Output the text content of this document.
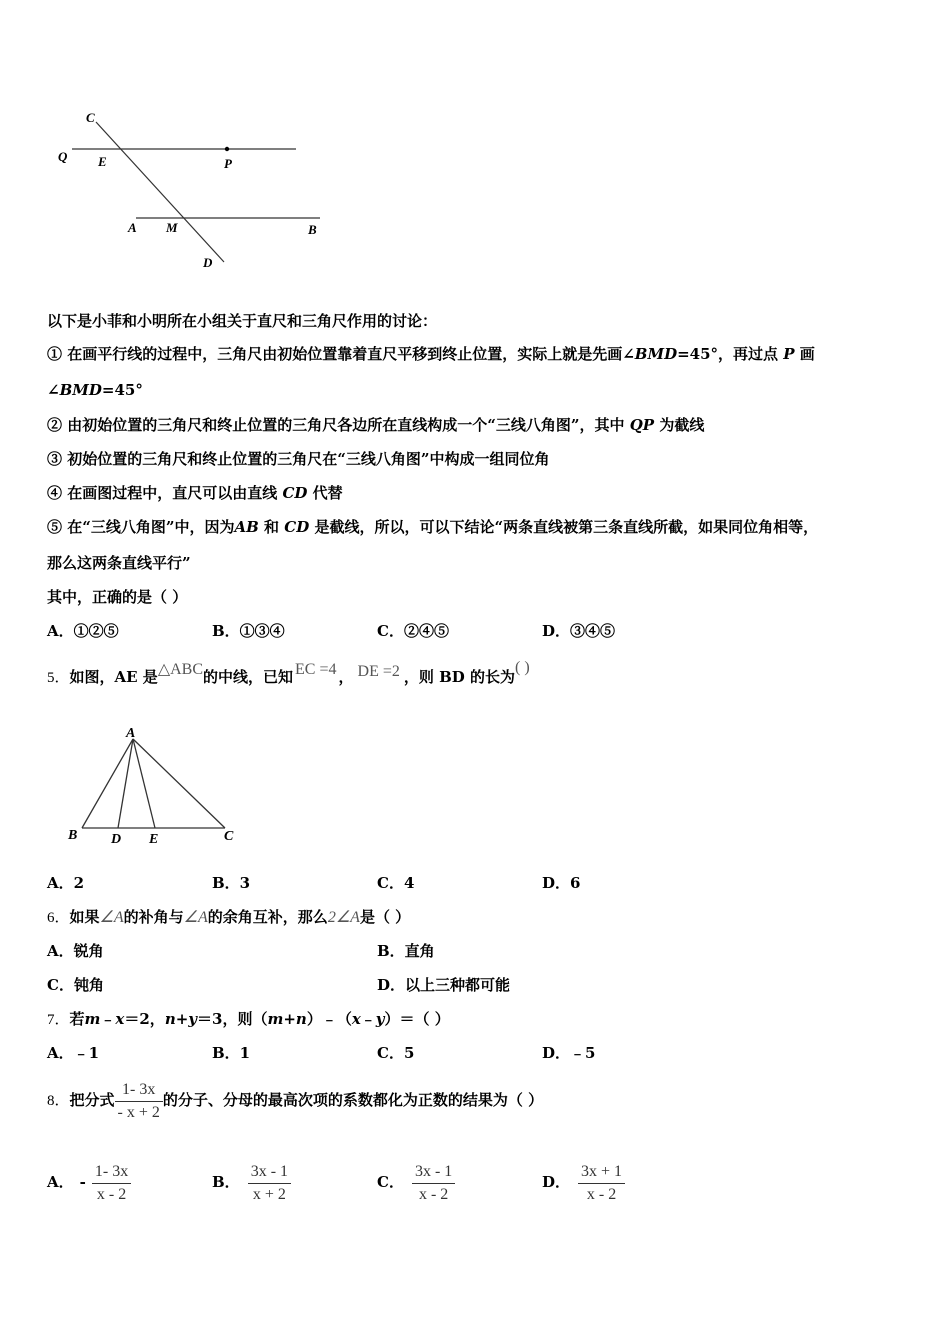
C
Q E	P
A M	B
D
以下是小菲和小明所在小组关于直尺和三角尺作用的讨论：
① 在画平行线的过程中，三角尺由初始位置靠着直尺平移到终止位置，实际上就是先画∠BMD=45°，再过点 P 画
∠BMD=45°
② 由初始位置的三角尺和终止位置的三角尺各边所在直线构成一个“三线八角图”，其中 QP 为截线
③ 初始位置的三角尺和终止位置的三角尺在“三线八角图”中构成一组同位角
④ 在画图过程中，直尺可以由直线 CD 代替
⑤ 在“三线八角图”中，因为AB 和 CD 是截线，所以，可以下结论“两条直线被第三条直线所截，如果同位角相等，
那么这两条直线平行”
其中，正确的是（ ）
A．①②⑤	B．①③④	C．②④⑤	D．③④⑤
5．如图，AE 是△ABC的中线，已知 EC =4 ， DE =2 ，则 BD 的长为( )
A
B D E	C
A．2	B．3	C．4	D．6
6．如果∠A的补角与∠A的余角互补，那么2∠A是（ ）
A．锐角	B．直角
C．钝角	D．以上三种都可能
7．若m﹣x＝2，n+y＝3，则（m+n）﹣（x﹣y）＝（ ）
A．﹣1	B．1	C．5	D．﹣5
8．把分式 $\frac{1- 3x}{- x + 2}$ 的分子、分母的最高次项的系数都化为正数的结果为（ ）
A． - $\frac{1- 3x}{x - 2}$	B． $\frac{3x - 1}{x + 2}$	C． $\frac{3x - 1}{x - 2}$	D． $\frac{3x + 1}{x - 2}$
